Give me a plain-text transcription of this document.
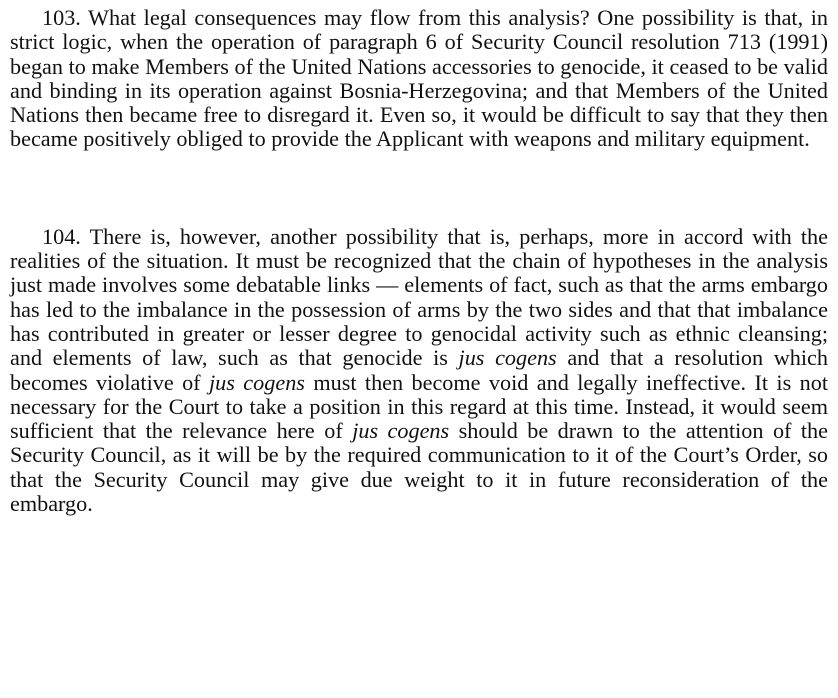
103. What legal consequences may flow from this analysis? One possibility is that, in strict logic, when the operation of paragraph 6 of Security Council resolution 713 (1991) began to make Members of the United Nations accessories to genocide, it ceased to be valid and binding in its operation against Bosnia-Herzegovina; and that Members of the United Nations then became free to disregard it. Even so, it would be difficult to say that they then became positively obliged to provide the Applicant with weapons and military equipment.

104. There is, however, another possibility that is, perhaps, more in accord with the realities of the situation. It must be recognized that the chain of hypotheses in the analysis just made involves some debatable links — elements of fact, such as that the arms embargo has led to the imbalance in the possession of arms by the two sides and that that imbalance has contributed in greater or lesser degree to genocidal activity such as ethnic cleansing; and elements of law, such as that genocide is jus cogens and that a resolution which becomes violative of jus cogens must then become void and legally ineffective. It is not necessary for the Court to take a position in this regard at this time. Instead, it would seem sufficient that the relevance here of jus cogens should be drawn to the attention of the Security Council, as it will be by the required communication to it of the Court’s Order, so that the Security Council may give due weight to it in future reconsideration of the embargo.
